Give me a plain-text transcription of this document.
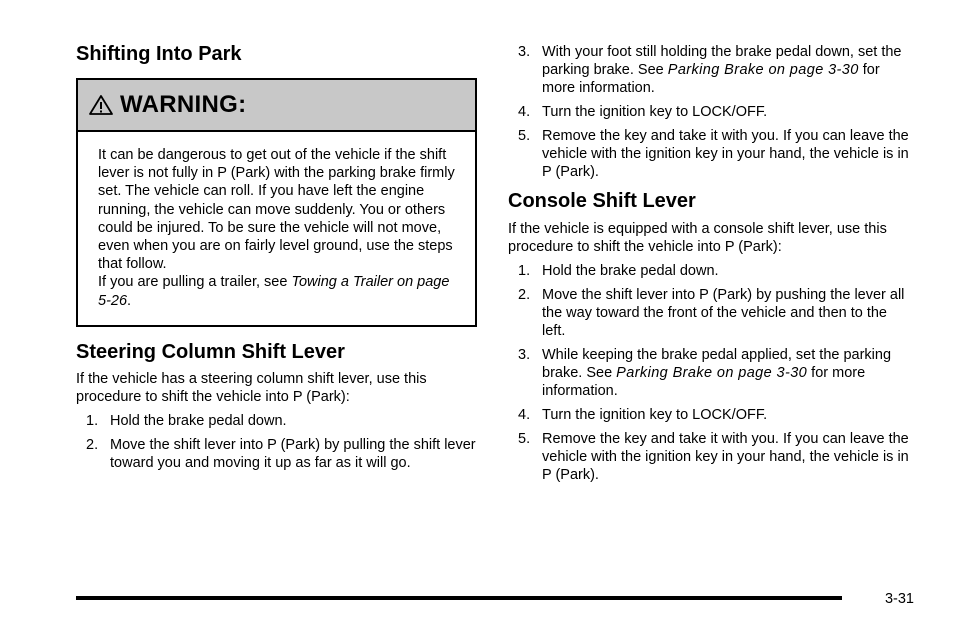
Shifting Into Park
WARNING:
It can be dangerous to get out of the vehicle if the shift lever is not fully in P (Park) with the parking brake firmly set. The vehicle can roll. If you have left the engine running, the vehicle can move suddenly. You or others could be injured. To be sure the vehicle will not move, even when you are on fairly level ground, use the steps that follow.
If you are pulling a trailer, see Towing a Trailer on page 5-26.
Steering Column Shift Lever

If the vehicle has a steering column shift lever, use this procedure to shift the vehicle into P (Park):

1. Hold the brake pedal down.
2. Move the shift lever into P (Park) by pulling the shift lever toward you and moving it up as far as it will go.
3. With your foot still holding the brake pedal down, set the parking brake. See Parking Brake on page 3-30 for more information.
4. Turn the ignition key to LOCK/OFF.
5. Remove the key and take it with you. If you can leave the vehicle with the ignition key in your hand, the vehicle is in P (Park).
Console Shift Lever

If the vehicle is equipped with a console shift lever, use this procedure to shift the vehicle into P (Park):

1. Hold the brake pedal down.
2. Move the shift lever into P (Park) by pushing the lever all the way toward the front of the vehicle and then to the left.
3. While keeping the brake pedal applied, set the parking brake. See Parking Brake on page 3-30 for more information.
4. Turn the ignition key to LOCK/OFF.
5. Remove the key and take it with you. If you can leave the vehicle with the ignition key in your hand, the vehicle is in P (Park).
3-31
